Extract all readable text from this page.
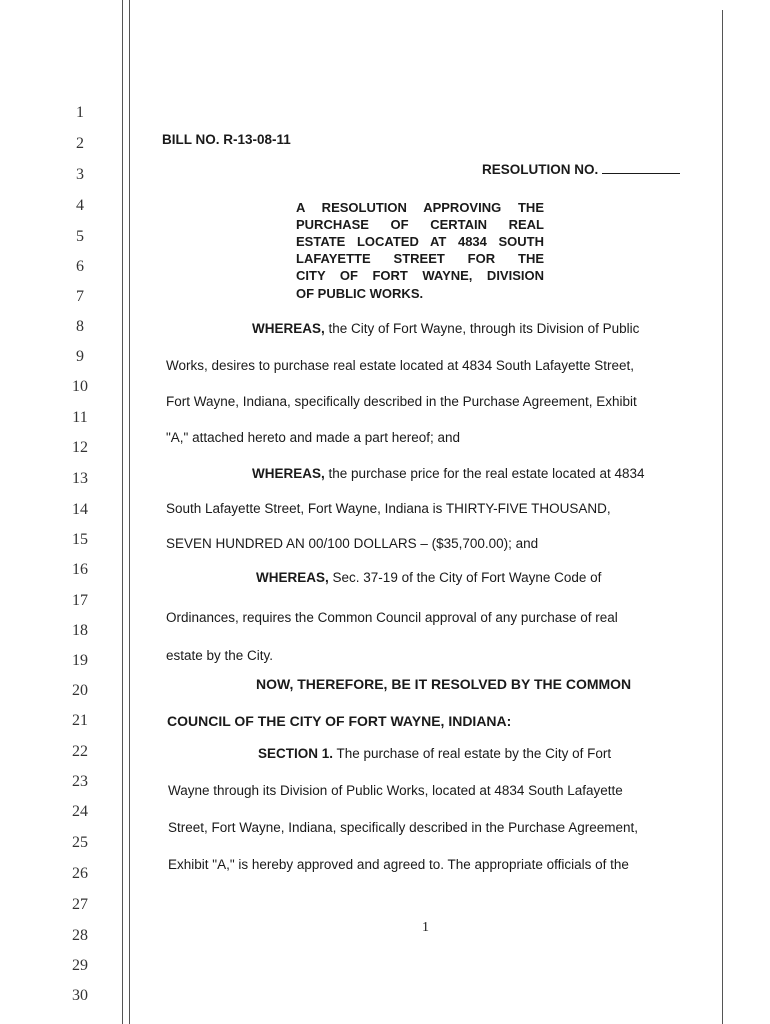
1
2
3
4
5
6
7
8
9
10
11
12
13
14
15
16
17
18
19
20
21
22
23
24
25
26
27
28
29
30
BILL NO. R-13-08-11
RESOLUTION NO.
A RESOLUTION APPROVING THE
PURCHASE OF CERTAIN REAL
ESTATE LOCATED AT 4834 SOUTH
LAFAYETTE STREET FOR THE
CITY OF FORT WAYNE, DIVISION
OF PUBLIC WORKS.
WHEREAS, the City of Fort Wayne, through its Division of Public
Works, desires to purchase real estate located at 4834 South Lafayette Street,
Fort Wayne, Indiana, specifically described in the Purchase Agreement, Exhibit
"A," attached hereto and made a part hereof; and
WHEREAS, the purchase price for the real estate located at 4834
South Lafayette Street, Fort Wayne, Indiana is THIRTY-FIVE THOUSAND,
SEVEN HUNDRED AN 00/100 DOLLARS – ($35,700.00); and
WHEREAS, Sec. 37-19 of the City of Fort Wayne Code of
Ordinances, requires the Common Council approval of any purchase of real
estate by the City.
NOW, THEREFORE, BE IT RESOLVED BY THE COMMON
COUNCIL OF THE CITY OF FORT WAYNE, INDIANA:
SECTION 1. The purchase of real estate by the City of Fort
Wayne through its Division of Public Works, located at 4834 South Lafayette
Street, Fort Wayne, Indiana, specifically described in the Purchase Agreement,
Exhibit "A," is hereby approved and agreed to. The appropriate officials of the
1
